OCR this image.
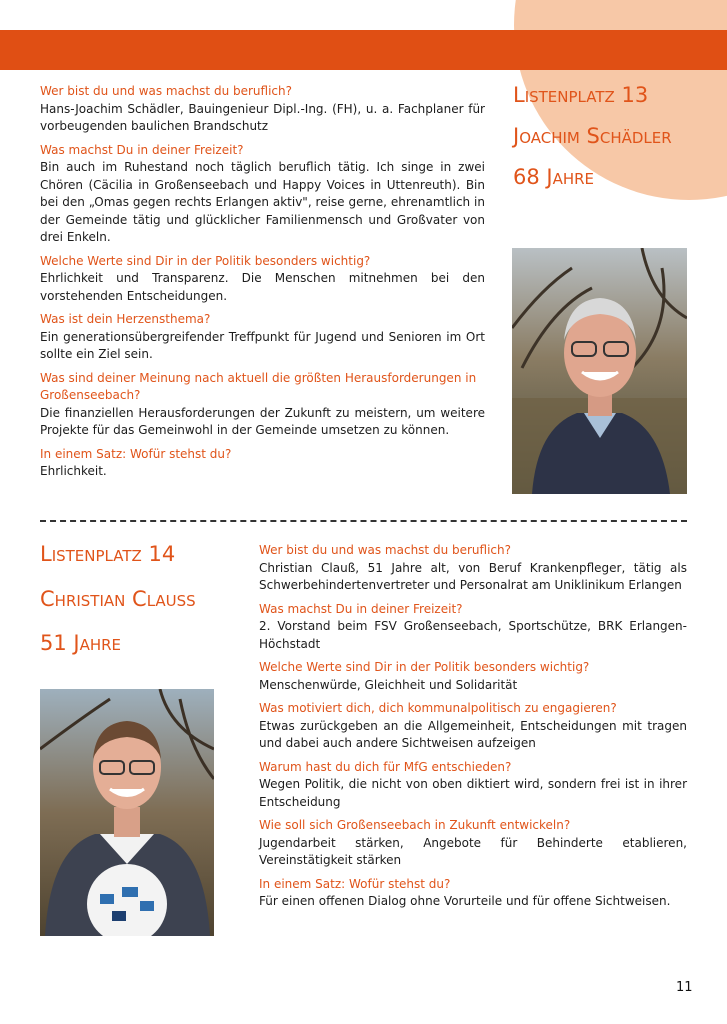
Wer bist du und was machst du beruflich?

Hans-Joachim Schädler, Bauingenieur Dipl.-Ing. (FH), u. a. Fachplaner für vorbeugenden baulichen Brandschutz

Was machst Du in deiner Freizeit?

Bin auch im Ruhestand noch täglich beruflich tätig. Ich singe in zwei Chören (Cäcilia in Großenseebach und Happy Voices in Uttenreuth). Bin bei den „Omas gegen rechts Erlangen aktiv", reise gerne, ehrenamtlich in der Gemeinde tätig und glücklicher Familienmensch und Großvater von drei Enkeln.

Welche Werte sind Dir in der Politik besonders wichtig?

Ehrlichkeit und Transparenz. Die Menschen mitnehmen bei den vorstehenden Entscheidungen.

Was ist dein Herzensthema?

Ein generationsübergreifender Treffpunkt für Jugend und Senioren im Ort sollte ein Ziel sein.

Was sind deiner Meinung nach aktuell die größten Herausforderungen in Großenseebach?

Die finanziellen Herausforderungen der Zukunft zu meistern, um weitere Projekte für das Gemeinwohl in der Gemeinde umsetzen zu können.

In einem Satz: Wofür stehst du?

Ehrlichkeit.

Listenplatz 13

Joachim Schädler

68 Jahre

Listenplatz 14

Christian Clauß

51 Jahre

Wer bist du und was machst du beruflich?

Christian Clauß, 51 Jahre alt, von Beruf Krankenpfleger, tätig als Schwerbehindertenvertreter und Personalrat am Uniklinikum Erlangen

Was machst Du in deiner Freizeit?

2. Vorstand beim FSV Großenseebach, Sportschütze, BRK Erlangen-Höchstadt

Welche Werte sind Dir in der Politik besonders wichtig?

Menschenwürde, Gleichheit und Solidarität

Was motiviert dich, dich kommunalpolitisch zu engagieren?

Etwas zurückgeben an die Allgemeinheit, Entscheidungen mit tragen und dabei auch andere Sichtweisen aufzeigen

Warum hast du dich für MfG entschieden?

Wegen Politik, die nicht von oben diktiert wird, sondern frei ist in ihrer Entscheidung

Wie soll sich Großenseebach in Zukunft entwickeln?

Jugendarbeit stärken, Angebote für Behinderte etablieren, Vereinstätigkeit stärken

In einem Satz: Wofür stehst du?

Für einen offenen Dialog ohne Vorurteile und für offene Sichtweisen.

11
